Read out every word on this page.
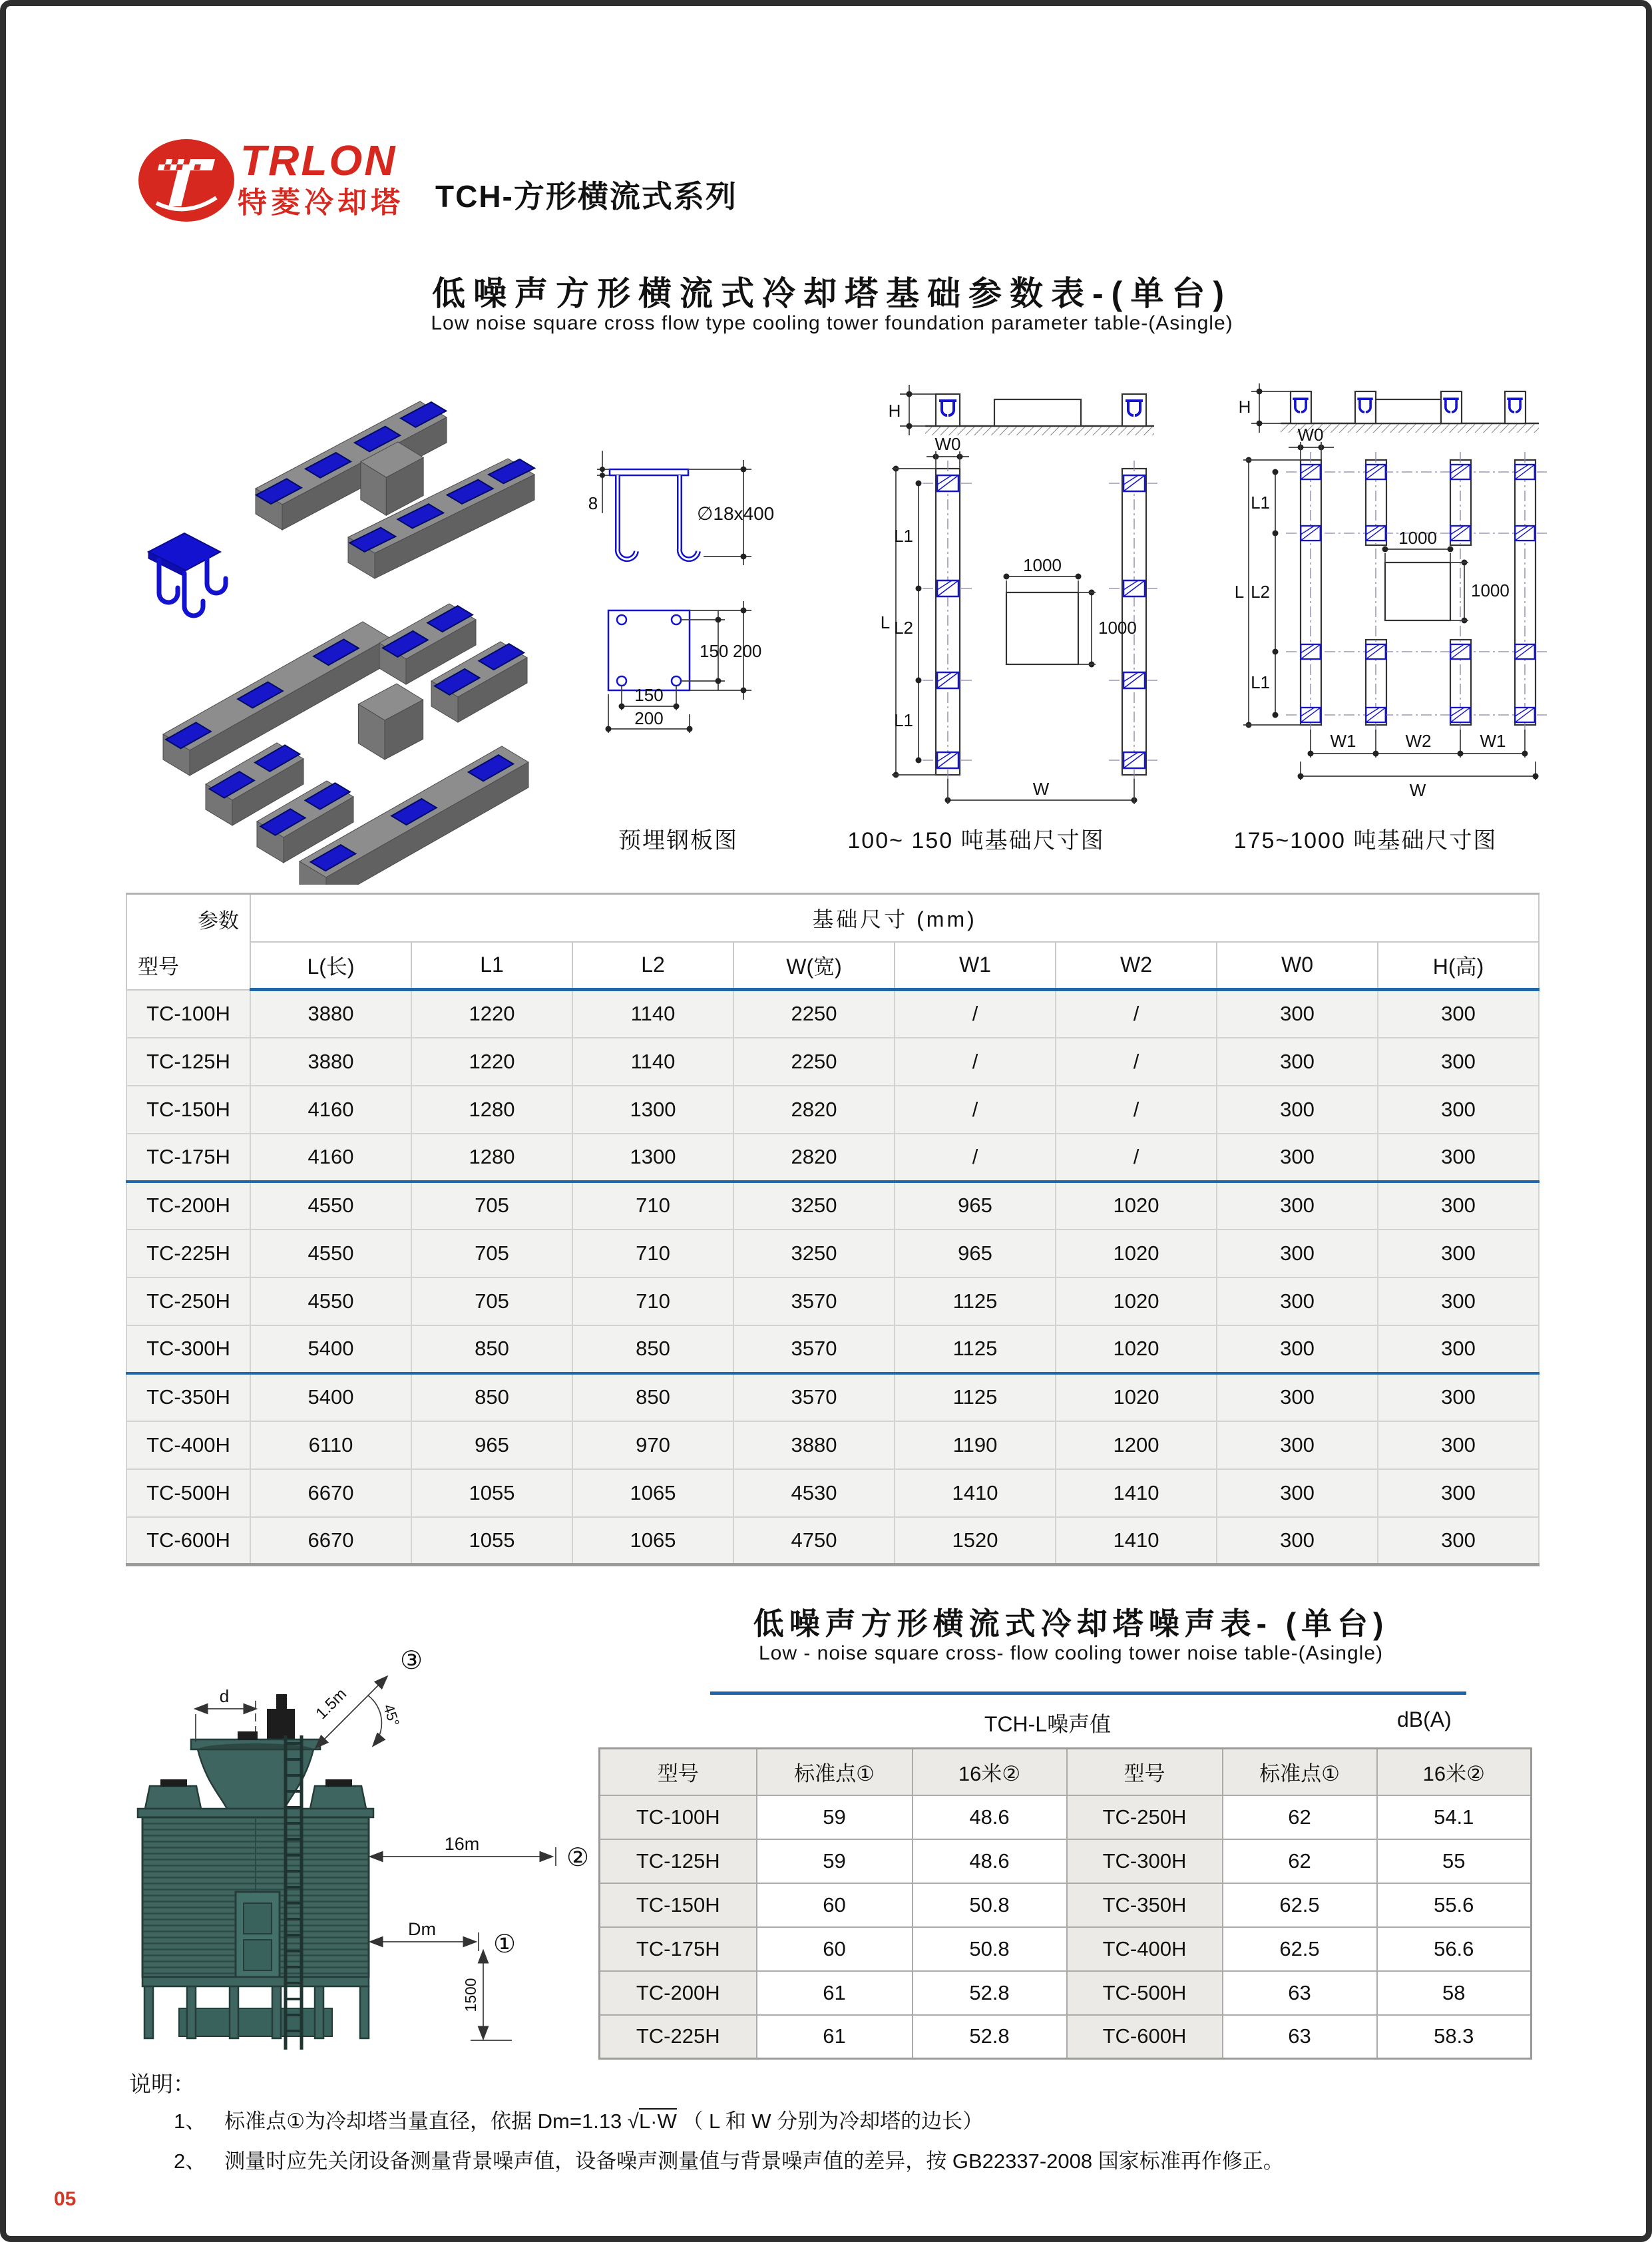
TRLON
特菱冷却塔 TCH-方形横流式系列
低噪声方形横流式冷却塔基础参数表-(单台)
Low noise square cross flow type cooling tower foundation parameter table-(Asingle)
8	∅18x400
150 200
150
200
H
W0
1000
1000
L
L1
L2
L1
W
H
W0
1000
1000
L
L1
L2
L1
W1	W2	W1
W
预埋钢板图	100~ 150 吨基础尺寸图	175~1000 吨基础尺寸图
参数
型号	基础尺寸 (mm)							
	L(长)	L1	L2	W(宽)	W1	W2	W0	H(高)
TC-100H	3880	1220	1140	2250	/	/	300	300
TC-125H	3880	1220	1140	2250	/	/	300	300
TC-150H	4160	1280	1300	2820	/	/	300	300
TC-175H	4160	1280	1300	2820	/	/	300	300
TC-200H	4550	705	710	3250	965	1020	300	300
TC-225H	4550	705	710	3250	965	1020	300	300
TC-250H	4550	705	710	3570	1125	1020	300	300
TC-300H	5400	850	850	3570	1125	1020	300	300
TC-350H	5400	850	850	3570	1125	1020	300	300
TC-400H	6110	965	970	3880	1190	1200	300	300
TC-500H	6670	1055	1065	4530	1410	1410	300	300
TC-600H	6670	1055	1065	4750	1520	1410	300	300
低噪声方形横流式冷却塔噪声表- (单台)
Low - noise square cross- flow cooling tower noise table-(Asingle)
TCH-L噪声值	dB(A)
d	1.5m 45°
③
16m	②
Dm
①
1500
型号	标准点①	16米②	型号	标准点①	16米②
TC-100H	59	48.6	TC-250H	62	54.1
TC-125H	59	48.6	TC-300H	62	55
TC-150H	60	50.8	TC-350H	62.5	55.6
TC-175H	60	50.8	TC-400H	62.5	56.6
TC-200H	61	52.8	TC-500H	63	58
TC-225H	61	52.8	TC-600H	63	58.3
说明：
1、 标准点①为冷却塔当量直径，依据 Dm=1.13 √L·W （ L 和 W 分别为冷却塔的边长）
2、 测量时应先关闭设备测量背景噪声值，设备噪声测量值与背景噪声值的差异，按 GB22337-2008 国家标准再作修正。
05
